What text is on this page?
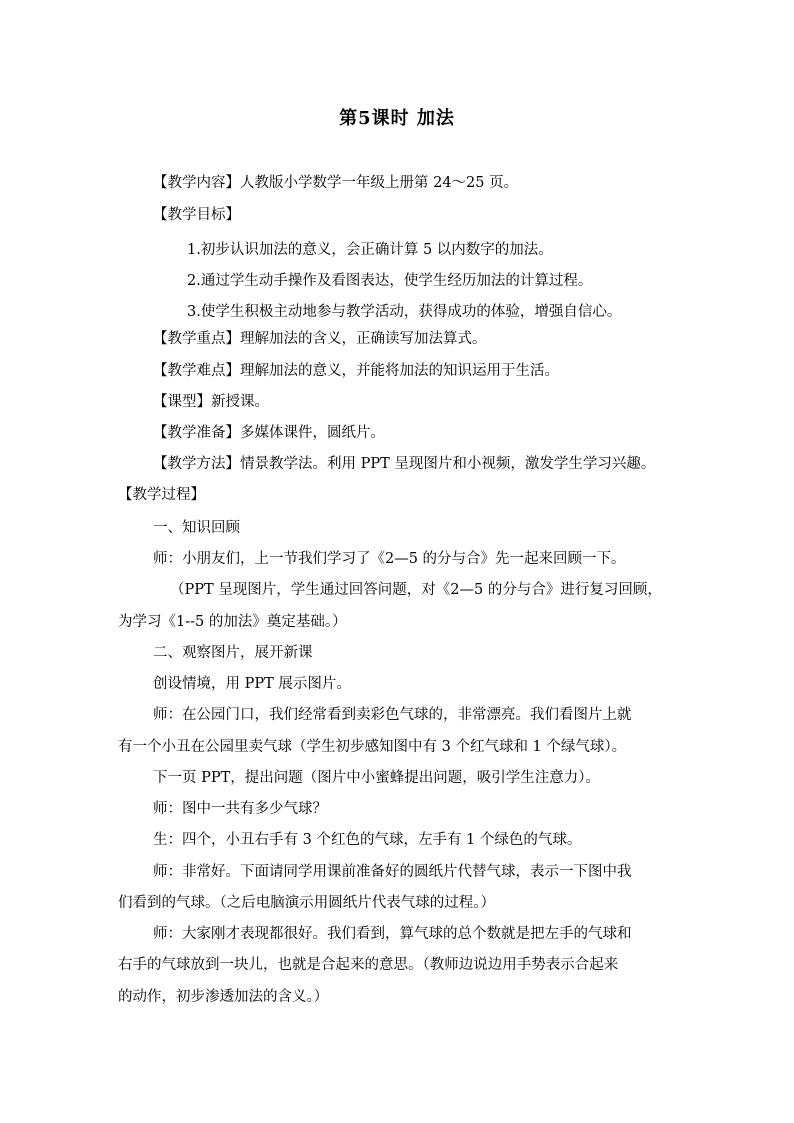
第5课时 加法
【教学内容】人教版小学数学一年级上册第 24～25 页。
【教学目标】
1.初步认识加法的意义，会正确计算 5 以内数字的加法。
2.通过学生动手操作及看图表达，使学生经历加法的计算过程。
3.使学生积极主动地参与教学活动，获得成功的体验，增强自信心。
【教学重点】理解加法的含义，正确读写加法算式。
【教学难点】理解加法的意义，并能将加法的知识运用于生活。
【课型】新授课。
【教学准备】多媒体课件，圆纸片。
【教学方法】情景教学法。利用 PPT 呈现图片和小视频，激发学生学习兴趣。
【教学过程】
一、知识回顾
师：小朋友们，上一节我们学习了《2—5 的分与合》先一起来回顾一下。
（PPT 呈现图片，学生通过回答问题，对《2—5 的分与合》进行复习回顾，
为学习《1--5 的加法》奠定基础。）
二、观察图片，展开新课
创设情境，用 PPT 展示图片。
师：在公园门口，我们经常看到卖彩色气球的，非常漂亮。我们看图片上就
有一个小丑在公园里卖气球（学生初步感知图中有 3 个红气球和 1 个绿气球）。
下一页 PPT，提出问题（图片中小蜜蜂提出问题，吸引学生注意力）。
师：图中一共有多少气球？
生：四个，小丑右手有 3 个红色的气球，左手有 1 个绿色的气球。
师：非常好。下面请同学用课前准备好的圆纸片代替气球，表示一下图中我
们看到的气球。（之后电脑演示用圆纸片代表气球的过程。）
师：大家刚才表现都很好。我们看到，算气球的总个数就是把左手的气球和
右手的气球放到一块儿，也就是合起来的意思。（教师边说边用手势表示合起来
的动作，初步渗透加法的含义。）
